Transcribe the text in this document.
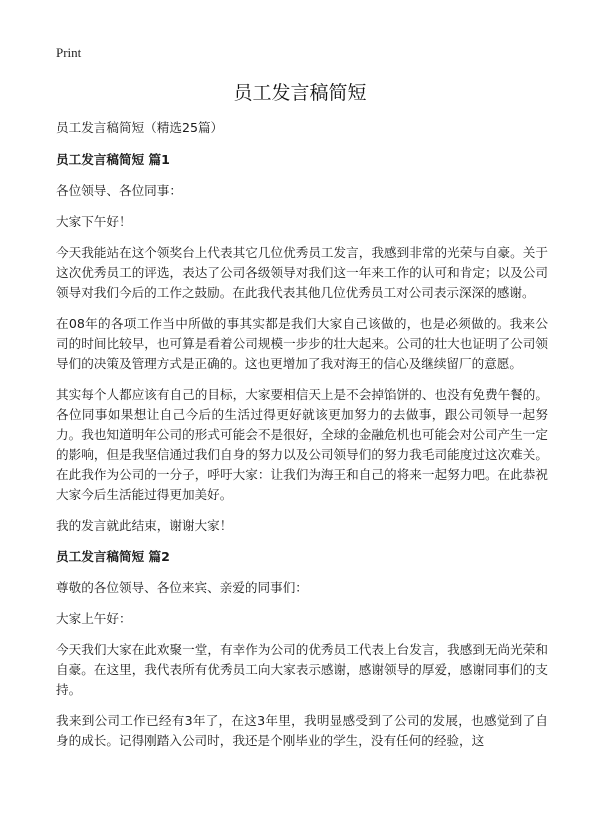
Print
员工发言稿简短

员工发言稿简短（精选25篇）

员工发言稿简短 篇1

各位领导、各位同事：

大家下午好！

今天我能站在这个领奖台上代表其它几位优秀员工发言，我感到非常的光荣与自豪。关于这次优秀员工的评选，表达了公司各级领导对我们这一年来工作的认可和肯定；以及公司领导对我们今后的工作之鼓励。在此我代表其他几位优秀员工对公司表示深深的感谢。

在08年的各项工作当中所做的事其实都是我们大家自己该做的，也是必须做的。我来公司的时间比较早，也可算是看着公司规模一步步的壮大起来。公司的壮大也证明了公司领导们的决策及管理方式是正确的。这也更增加了我对海王的信心及继续留厂的意愿。

其实每个人都应该有自己的目标，大家要相信天上是不会掉馅饼的、也没有免费午餐的。各位同事如果想让自己今后的生活过得更好就该更加努力的去做事，跟公司领导一起努力。我也知道明年公司的形式可能会不是很好，全球的金融危机也可能会对公司产生一定的影响，但是我坚信通过我们自身的努力以及公司领导们的努力我毛司能度过这次难关。在此我作为公司的一分子，呼吁大家：让我们为海王和自己的将来一起努力吧。在此恭祝大家今后生活能过得更加美好。

我的发言就此结束，谢谢大家！

员工发言稿简短 篇2

尊敬的各位领导、各位来宾、亲爱的同事们：

大家上午好：

今天我们大家在此欢聚一堂，有幸作为公司的优秀员工代表上台发言，我感到无尚光荣和自豪。在这里，我代表所有优秀员工向大家表示感谢，感谢领导的厚爱，感谢同事们的支持。

我来到公司工作已经有3年了，在这3年里，我明显感受到了公司的发展，也感觉到了自身的成长。记得刚踏入公司时，我还是个刚毕业的学生，没有任何的经验，这
